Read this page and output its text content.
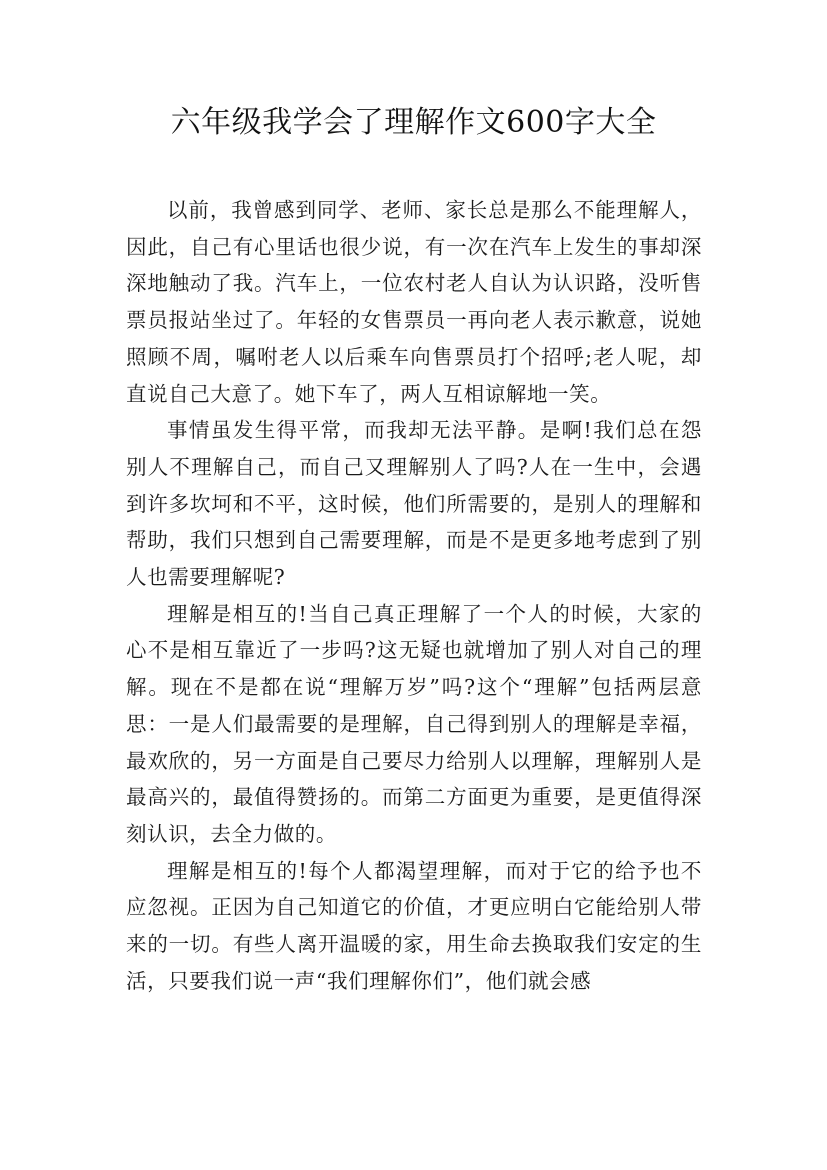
六年级我学会了理解作文600字大全

以前，我曾感到同学、老师、家长总是那么不能理解人，因此，自己有心里话也很少说，有一次在汽车上发生的事却深深地触动了我。汽车上，一位农村老人自认为认识路，没听售票员报站坐过了。年轻的女售票员一再向老人表示歉意，说她照顾不周，嘱咐老人以后乘车向售票员打个招呼;老人呢，却直说自己大意了。她下车了，两人互相谅解地一笑。

事情虽发生得平常，而我却无法平静。是啊!我们总在怨别人不理解自己，而自己又理解别人了吗?人在一生中，会遇到许多坎坷和不平，这时候，他们所需要的，是别人的理解和帮助，我们只想到自己需要理解，而是不是更多地考虑到了别人也需要理解呢?

理解是相互的!当自己真正理解了一个人的时候，大家的心不是相互靠近了一步吗?这无疑也就增加了别人对自己的理解。现在不是都在说“理解万岁”吗?这个“理解”包括两层意思：一是人们最需要的是理解，自己得到别人的理解是幸福，最欢欣的，另一方面是自己要尽力给别人以理解，理解别人是最高兴的，最值得赞扬的。而第二方面更为重要，是更值得深刻认识，去全力做的。

理解是相互的!每个人都渴望理解，而对于它的给予也不应忽视。正因为自己知道它的价值，才更应明白它能给别人带来的一切。有些人离开温暖的家，用生命去换取我们安定的生活，只要我们说一声“我们理解你们”，他们就会感
